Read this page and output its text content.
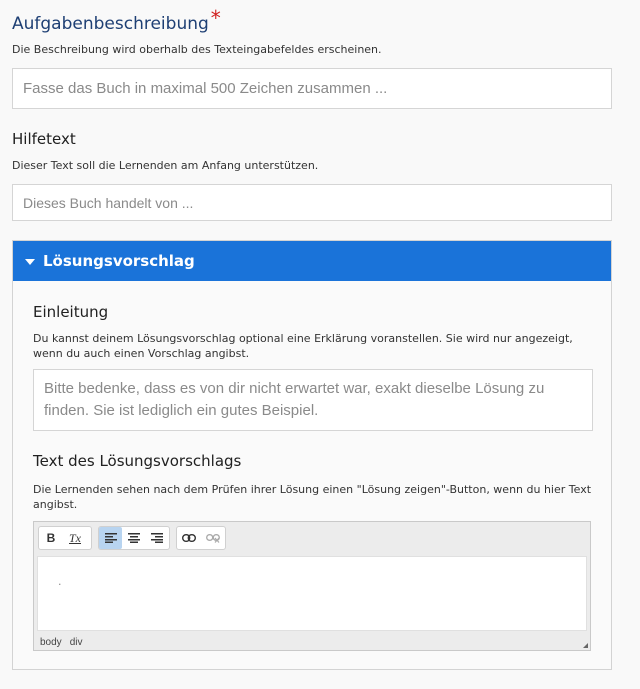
Aufgabenbeschreibung *
Die Beschreibung wird oberhalb des Texteingabefeldes erscheinen.
Fasse das Buch in maximal 500 Zeichen zusammen ...
Hilfetext
Dieser Text soll die Lernenden am Anfang unterstützen.
Dieses Buch handelt von ...
Lösungsvorschlag
Einleitung
Du kannst deinem Lösungsvorschlag optional eine Erklärung voranstellen. Sie wird nur angezeigt, wenn du auch einen Vorschlag angibst.
Bitte bedenke, dass es von dir nicht erwartet war, exakt dieselbe Lösung zu finden. Sie ist lediglich ein gutes Beispiel.
Text des Lösungsvorschlags
Die Lernenden sehen nach dem Prüfen ihrer Lösung einen "Lösung zeigen"-Button, wenn du hier Text angibst.
B Tx
.
body div
